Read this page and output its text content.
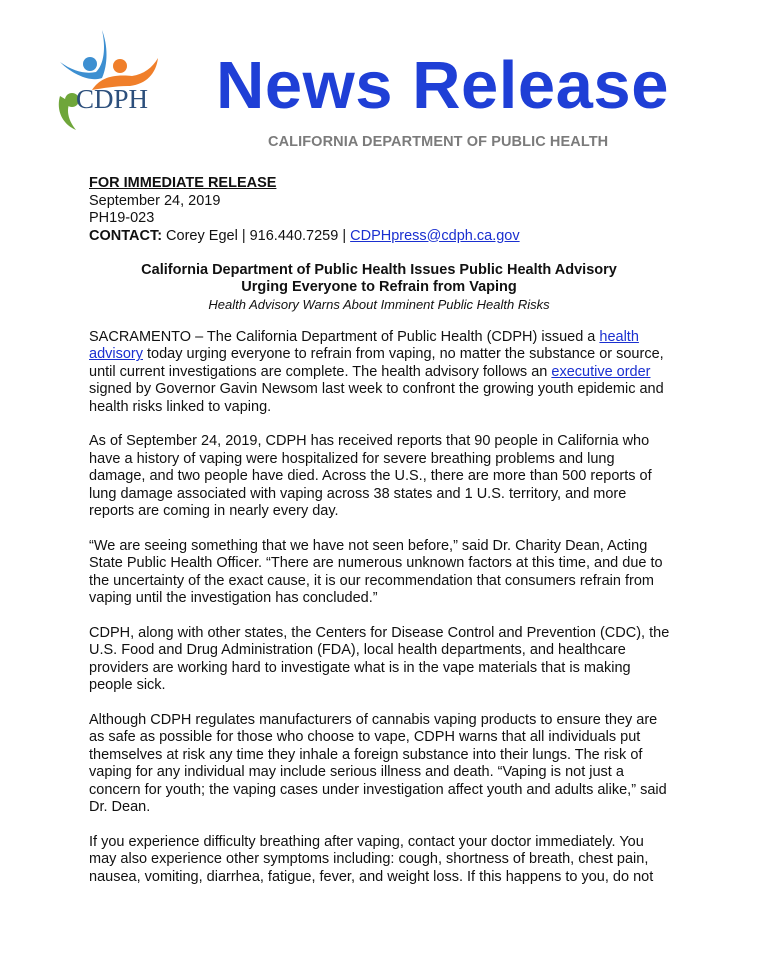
CDPH News Release
CALIFORNIA DEPARTMENT OF PUBLIC HEALTH
FOR IMMEDIATE RELEASE
September 24, 2019
PH19-023
CONTACT: Corey Egel | 916.440.7259 | CDPHpress@cdph.ca.gov
California Department of Public Health Issues Public Health Advisory
Urging Everyone to Refrain from Vaping
Health Advisory Warns About Imminent Public Health Risks

SACRAMENTO – The California Department of Public Health (CDPH) issued a health advisory today urging everyone to refrain from vaping, no matter the substance or source, until current investigations are complete. The health advisory follows an executive order signed by Governor Gavin Newsom last week to confront the growing youth epidemic and health risks linked to vaping.

As of September 24, 2019, CDPH has received reports that 90 people in California who have a history of vaping were hospitalized for severe breathing problems and lung damage, and two people have died. Across the U.S., there are more than 500 reports of lung damage associated with vaping across 38 states and 1 U.S. territory, and more reports are coming in nearly every day.

“We are seeing something that we have not seen before,” said Dr. Charity Dean, Acting State Public Health Officer. “There are numerous unknown factors at this time, and due to the uncertainty of the exact cause, it is our recommendation that consumers refrain from vaping until the investigation has concluded.”

CDPH, along with other states, the Centers for Disease Control and Prevention (CDC), the U.S. Food and Drug Administration (FDA), local health departments, and healthcare providers are working hard to investigate what is in the vape materials that is making people sick.

Although CDPH regulates manufacturers of cannabis vaping products to ensure they are as safe as possible for those who choose to vape, CDPH warns that all individuals put themselves at risk any time they inhale a foreign substance into their lungs. The risk of vaping for any individual may include serious illness and death. “Vaping is not just a concern for youth; the vaping cases under investigation affect youth and adults alike,” said Dr. Dean.

If you experience difficulty breathing after vaping, contact your doctor immediately. You may also experience other symptoms including: cough, shortness of breath, chest pain, nausea, vomiting, diarrhea, fatigue, fever, and weight loss. If this happens to you, do not
